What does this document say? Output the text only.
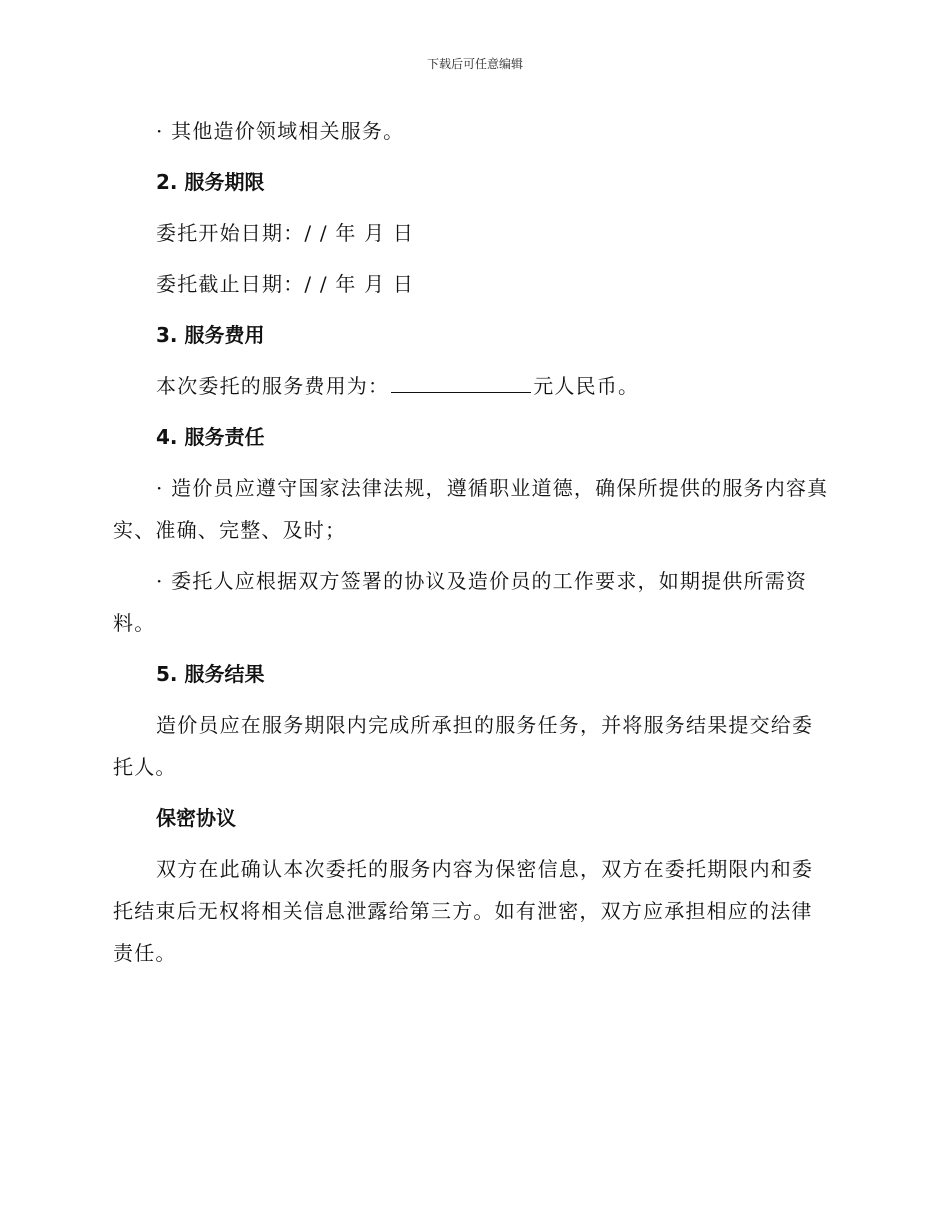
下载后可任意编辑

· 其他造价领域相关服务。

2. 服务期限

委托开始日期：/ / 年 月 日

委托截止日期：/ / 年 月 日

3. 服务费用

本次委托的服务费用为：	元人民币。

4. 服务责任

· 造价员应遵守国家法律法规，遵循职业道德，确保所提供的服务内容真实、准确、完整、及时；

· 委托人应根据双方签署的协议及造价员的工作要求，如期提供所需资料。

5. 服务结果

造价员应在服务期限内完成所承担的服务任务，并将服务结果提交给委托人。

保密协议

双方在此确认本次委托的服务内容为保密信息，双方在委托期限内和委托结束后无权将相关信息泄露给第三方。如有泄密，双方应承担相应的法律责任。
